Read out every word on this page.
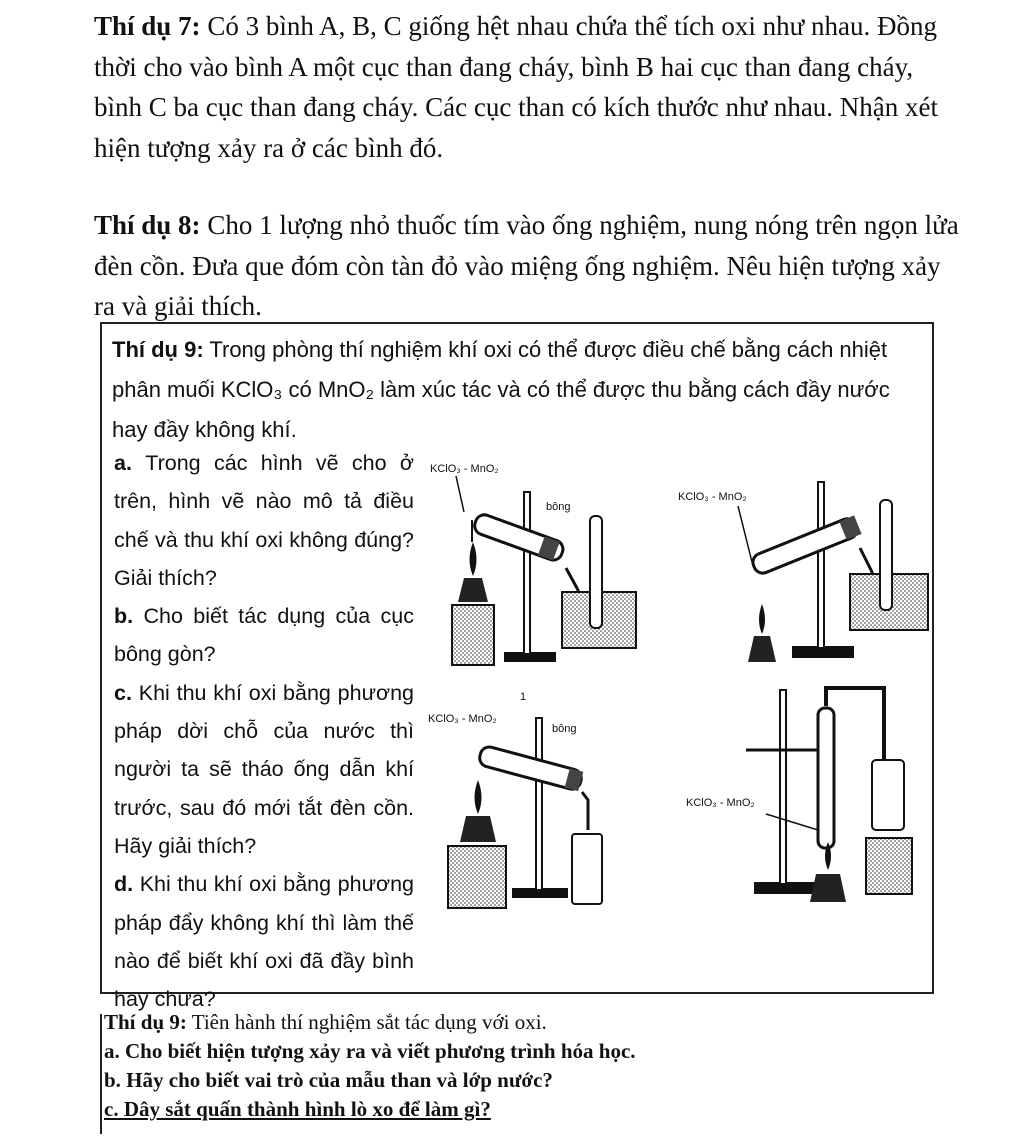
Thí dụ 7: Có 3 bình A, B, C giống hệt nhau chứa thể tích oxi như nhau. Đồng thời cho vào bình A một cục than đang cháy, bình B hai cục than đang cháy, bình C ba cục than đang cháy. Các cục than có kích thước như nhau. Nhận xét hiện tượng xảy ra ở các bình đó.

Thí dụ 8: Cho 1 lượng nhỏ thuốc tím vào ống nghiệm, nung nóng trên ngọn lửa đèn cồn. Đưa que đóm còn tàn đỏ vào miệng ống nghiệm. Nêu hiện tượng xảy ra và giải thích.

Thí dụ 9: Trong phòng thí nghiệm khí oxi có thể được điều chế bằng cách nhiệt phân muối KClO₃ có MnO₂ làm xúc tác và có thể được thu bằng cách đầy nước hay đầy không khí.

a. Trong các hình vẽ cho ở trên, hình vẽ nào mô tả điều chế và thu khí oxi không đúng? Giải thích?

b. Cho biết tác dụng của cục bông gòn?

c. Khi thu khí oxi bằng phương pháp dời chỗ của nước thì người ta sẽ tháo ống dẫn khí trước, sau đó mới tắt đèn cồn. Hãy giải thích?

d. Khi thu khí oxi bằng phương pháp đẩy không khí thì làm thế nào để biết khí oxi đã đầy bình hay chưa?

KClO₃ - MnO₂
bông
KClO₃ - MnO₂
1
KClO₃ - MnO₂
bông
KClO₃ - MnO₂

Thí dụ 9: Tiên hành thí nghiệm sắt tác dụng với oxi.

a. Cho biết hiện tượng xảy ra và viết phương trình hóa học.

b. Hãy cho biết vai trò của mẫu than và lớp nước?

c. Dây sắt quấn thành hình lò xo để làm gì?
